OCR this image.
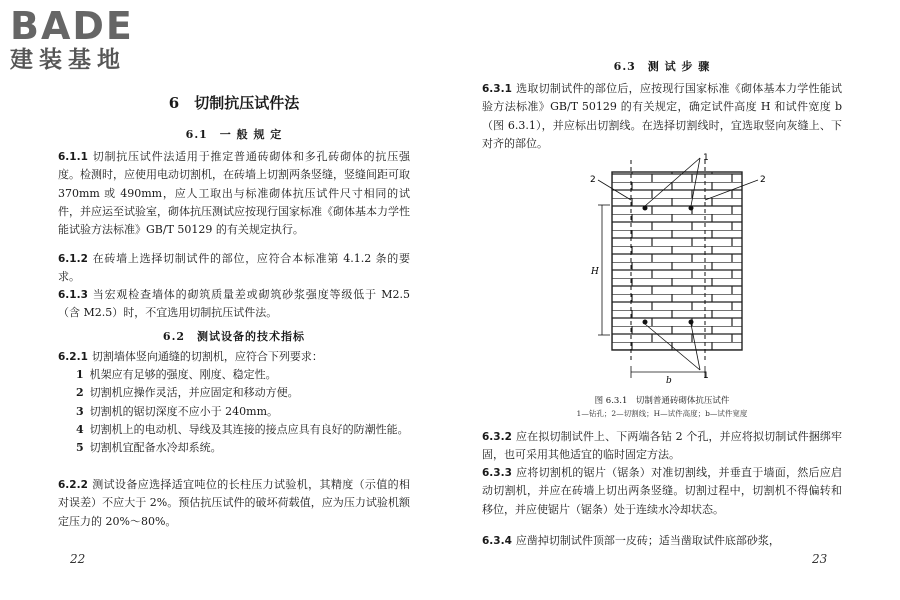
BADE
建装基地
6　切制抗压试件法
6.1　一 般 规 定
6.1.1 切制抗压试件法适用于推定普通砖砌体和多孔砖砌体的抗压强度。检测时，应使用电动切割机，在砖墙上切割两条竖缝，竖缝间距可取 370mm 或 490mm，应人工取出与标准砌体抗压试件尺寸相同的试件，并应运至试验室，砌体抗压测试应按现行国家标准《砌体基本力学性能试验方法标准》GB/T 50129 的有关规定执行。
6.1.2 在砖墙上选择切制试件的部位，应符合本标准第 4.1.2 条的要求。
6.1.3 当宏观检查墙体的砌筑质量差或砌筑砂浆强度等级低于 M2.5（含 M2.5）时，不宜选用切制抗压试件法。
6.2　测试设备的技术指标
6.2.1 切割墙体竖向通缝的切割机，应符合下列要求：
1 机架应有足够的强度、刚度、稳定性。
2 切割机应操作灵活，并应固定和移动方便。
3 切割机的锯切深度不应小于 240mm。
4 切割机上的电动机、导线及其连接的接点应具有良好的防潮性能。
5 切割机宜配备水冷却系统。
6.2.2 测试设备应选择适宜吨位的长柱压力试验机，其精度（示值的相对误差）不应大于 2%。预估抗压试件的破坏荷载值，应为压力试验机额定压力的 20%～80%。
22
6.3　测 试 步 骤
6.3.1 选取切制试件的部位后，应按现行国家标准《砌体基本力学性能试验方法标准》GB/T 50129 的有关规定，确定试件高度 H 和试件宽度 b（图 6.3.1），并应标出切割线。在选择切割线时，宜选取竖向灰缝上、下对齐的部位。
1
1
2	2
H
b
图 6.3.1　切制普通砖砌体抗压试件
1—钻孔；2—切割线；H—试件高度；b—试件宽度
6.3.2 应在拟切制试件上、下两端各钻 2 个孔，并应将拟切制试件捆绑牢固，也可采用其他适宜的临时固定方法。
6.3.3 应将切割机的锯片（锯条）对准切割线，并垂直于墙面，然后应启动切割机，并应在砖墙上切出两条竖缝。切割过程中，切割机不得偏转和移位，并应使锯片（锯条）处于连续水冷却状态。
6.3.4 应凿掉切制试件顶部一皮砖；适当凿取试件底部砂浆，
23
